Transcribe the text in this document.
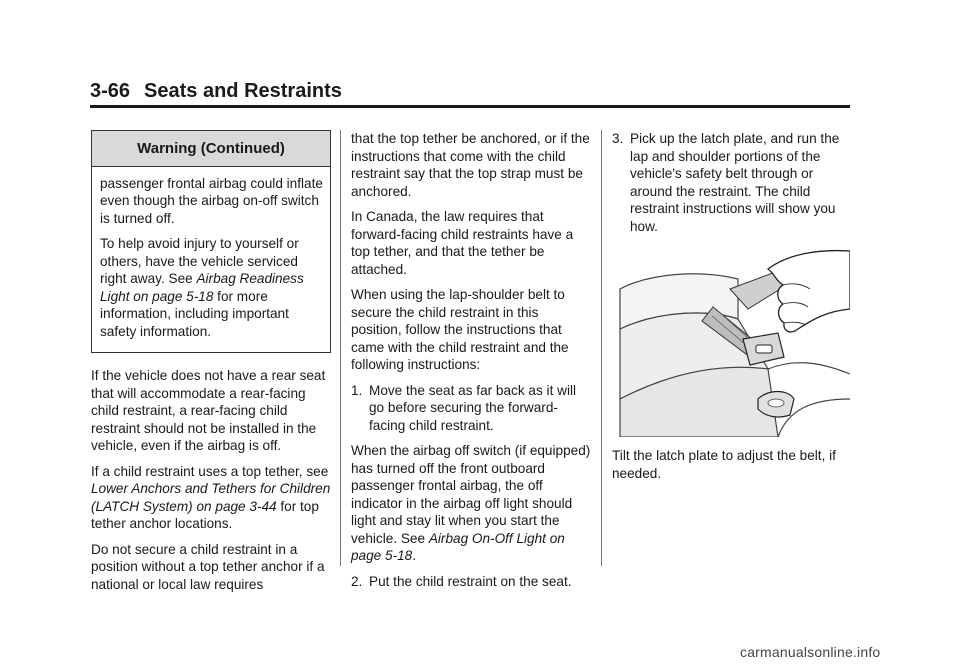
3-66 Seats and Restraints
Warning (Continued)

passenger frontal airbag could inflate even though the airbag on-off switch is turned off.

To help avoid injury to yourself or others, have the vehicle serviced right away. See Airbag Readiness Light on page 5-18 for more information, including important safety information.

If the vehicle does not have a rear seat that will accommodate a rear-facing child restraint, a rear-facing child restraint should not be installed in the vehicle, even if the airbag is off.

If a child restraint uses a top tether, see Lower Anchors and Tethers for Children (LATCH System) on page 3-44 for top tether anchor locations.

Do not secure a child restraint in a position without a top tether anchor if a national or local law requires

that the top tether be anchored, or if the instructions that come with the child restraint say that the top strap must be anchored.

In Canada, the law requires that forward-facing child restraints have a top tether, and that the tether be attached.

When using the lap-shoulder belt to secure the child restraint in this position, follow the instructions that came with the child restraint and the following instructions:

1. Move the seat as far back as it will go before securing the forward-facing child restraint.

When the airbag off switch (if equipped) has turned off the front outboard passenger frontal airbag, the off indicator in the airbag off light should light and stay lit when you start the vehicle. See Airbag On-Off Light on page 5-18.

2. Put the child restraint on the seat.
3. Pick up the latch plate, and run the lap and shoulder portions of the vehicle's safety belt through or around the restraint. The child restraint instructions will show you how.

Tilt the latch plate to adjust the belt, if needed.

carmanualsonline.info
